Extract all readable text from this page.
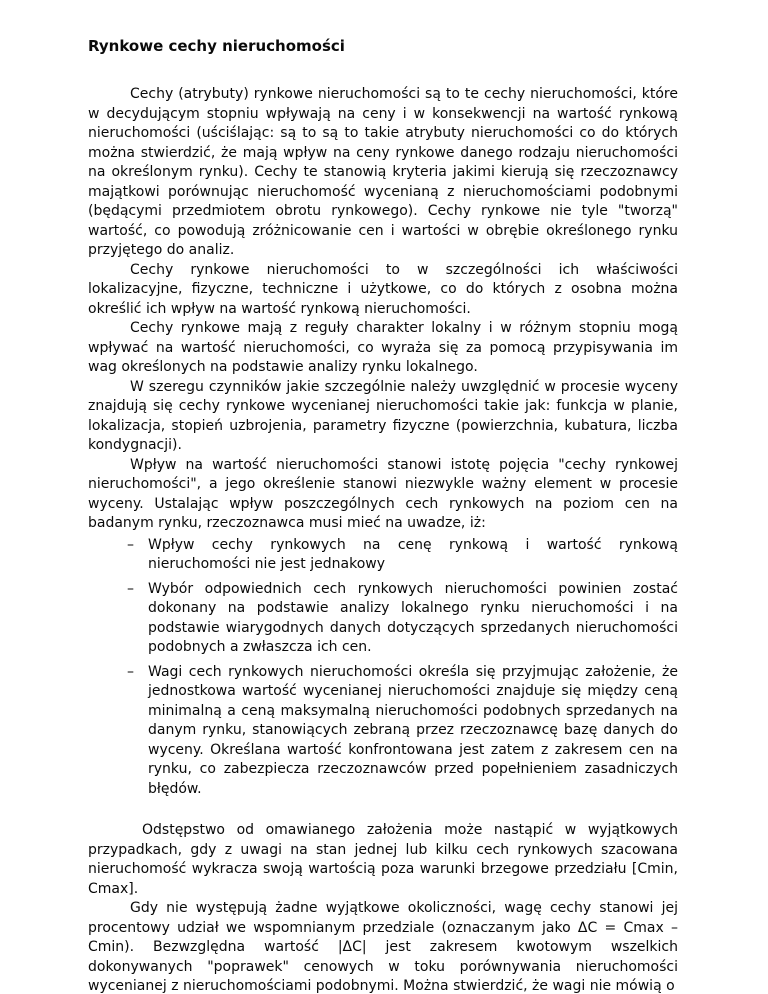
Rynkowe cechy nieruchomości

Cechy (atrybuty) rynkowe nieruchomości są to te cechy nieruchomości, które w decydującym stopniu wpływają na ceny i w konsekwencji na wartość rynkową nieruchomości (uściślając: są to są to takie atrybuty nieruchomości co do których można stwierdzić, że mają wpływ na ceny rynkowe danego rodzaju nieruchomości na określonym rynku). Cechy te stanowią kryteria jakimi kierują się rzeczoznawcy majątkowi porównując nieruchomość wycenianą z nieruchomościami podobnymi (będącymi przedmiotem obrotu rynkowego). Cechy rynkowe nie tyle "tworzą" wartość, co powodują zróżnicowanie cen i wartości w obrębie określonego rynku przyjętego do analiz.

Cechy rynkowe nieruchomości to w szczególności ich właściwości lokalizacyjne, fizyczne, techniczne i użytkowe, co do których z osobna można określić ich wpływ na wartość rynkową nieruchomości.

Cechy rynkowe mają z reguły charakter lokalny i w różnym stopniu mogą wpływać na wartość nieruchomości, co wyraża się za pomocą przypisywania im wag określonych na podstawie analizy rynku lokalnego.

W szeregu czynników jakie szczególnie należy uwzględnić w procesie wyceny znajdują się cechy rynkowe wycenianej nieruchomości takie jak: funkcja w planie, lokalizacja, stopień uzbrojenia, parametry fizyczne (powierzchnia, kubatura, liczba kondygnacji).

Wpływ na wartość nieruchomości stanowi istotę pojęcia "cechy rynkowej nieruchomości", a jego określenie stanowi niezwykle ważny element w procesie wyceny. Ustalając wpływ poszczególnych cech rynkowych na poziom cen na badanym rynku, rzeczoznawca musi mieć na uwadze, iż:

– Wpływ cechy rynkowych na cenę rynkową i wartość rynkową nieruchomości nie jest jednakowy
– Wybór odpowiednich cech rynkowych nieruchomości powinien zostać dokonany na podstawie analizy lokalnego rynku nieruchomości i na podstawie wiarygodnych danych dotyczących sprzedanych nieruchomości podobnych a zwłaszcza ich cen.
– Wagi cech rynkowych nieruchomości określa się przyjmując założenie, że jednostkowa wartość wycenianej nieruchomości znajduje się między ceną minimalną a ceną maksymalną nieruchomości podobnych sprzedanych na danym rynku, stanowiących zebraną przez rzeczoznawcę bazę danych do wyceny. Określana wartość konfrontowana jest zatem z zakresem cen na rynku, co zabezpiecza rzeczoznawców przed popełnieniem zasadniczych błędów.

Odstępstwo od omawianego założenia może nastąpić w wyjątkowych przypadkach, gdy z uwagi na stan jednej lub kilku cech rynkowych szacowana nieruchomość wykracza swoją wartością poza warunki brzegowe przedziału [Cmin, Cmax].

Gdy nie występują żadne wyjątkowe okoliczności, wagę cechy stanowi jej procentowy udział we wspomnianym przedziale (oznaczanym jako ΔC = Cmax – Cmin). Bezwzględna wartość |ΔC| jest zakresem kwotowym wszelkich dokonywanych "poprawek" cenowych w toku porównywania nieruchomości wycenianej z nieruchomościami podobnymi. Można stwierdzić, że wagi nie mówią o
